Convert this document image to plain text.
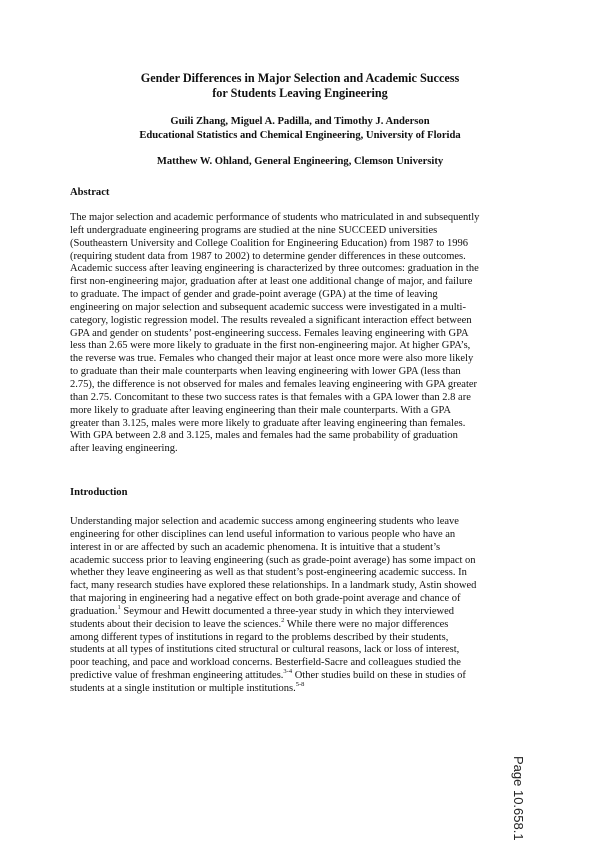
Gender Differences in Major Selection and Academic Success
for Students Leaving Engineering
Guili Zhang, Miguel A. Padilla, and Timothy J. Anderson
Educational Statistics and Chemical Engineering, University of Florida
Matthew W. Ohland, General Engineering, Clemson University
Abstract
The major selection and academic performance of students who matriculated in and subsequently
left undergraduate engineering programs are studied at the nine SUCCEED universities
(Southeastern University and College Coalition for Engineering Education) from 1987 to 1996
(requiring student data from 1987 to 2002) to determine gender differences in these outcomes.
Academic success after leaving engineering is characterized by three outcomes: graduation in the
first non-engineering major, graduation after at least one additional change of major, and failure
to graduate. The impact of gender and grade-point average (GPA) at the time of leaving
engineering on major selection and subsequent academic success were investigated in a multi-
category, logistic regression model. The results revealed a significant interaction effect between
GPA and gender on students’ post-engineering success. Females leaving engineering with GPA
less than 2.65 were more likely to graduate in the first non-engineering major. At higher GPA’s,
the reverse was true. Females who changed their major at least once more were also more likely
to graduate than their male counterparts when leaving engineering with lower GPA (less than
2.75), the difference is not observed for males and females leaving engineering with GPA greater
than 2.75. Concomitant to these two success rates is that females with a GPA lower than 2.8 are
more likely to graduate after leaving engineering than their male counterparts. With a GPA
greater than 3.125, males were more likely to graduate after leaving engineering than females.
With GPA between 2.8 and 3.125, males and females had the same probability of graduation
after leaving engineering.
Introduction
Understanding major selection and academic success among engineering students who leave
engineering for other disciplines can lend useful information to various people who have an
interest in or are affected by such an academic phenomena. It is intuitive that a student’s
academic success prior to leaving engineering (such as grade-point average) has some impact on
whether they leave engineering as well as that student’s post-engineering academic success. In
fact, many research studies have explored these relationships. In a landmark study, Astin showed
that majoring in engineering had a negative effect on both grade-point average and chance of
graduation.$^1$ Seymour and Hewitt documented a three-year study in which they interviewed
students about their decision to leave the sciences.$^2$ While there were no major differences
among different types of institutions in regard to the problems described by their students,
students at all types of institutions cited structural or cultural reasons, lack or loss of interest,
poor teaching, and pace and workload concerns. Besterfield-Sacre and colleagues studied the
predictive value of freshman engineering attitudes.$^{3-4}$ Other studies build on these in studies of
students at a single institution or multiple institutions.$^{5-8}$
Page 10.658.1
